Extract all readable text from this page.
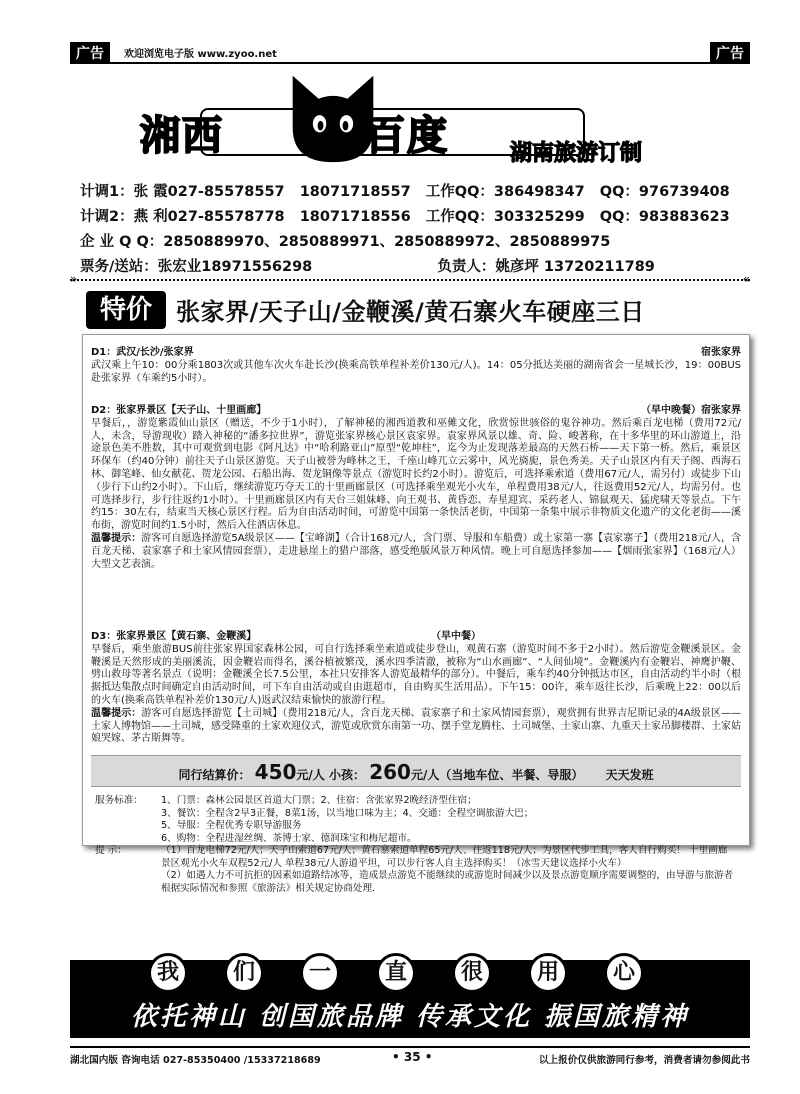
广告	欢迎浏览电子版 www.zyoo.net	广告
湘西	百度	湖南旅游订制
计调1：张 霞027-85578557 18071718557 工作QQ：386498347 QQ：976739408
计调2：燕 利027-85578778 18071718556 工作QQ：303325299 QQ：983883623
企 业 Q Q：2850889970、2850889971、2850889972、2850889975
票务/送站：张宏业18971556298	负责人：姚彦坪 13720211789
» «
特价	张家界/天子山/金鞭溪/黄石寨火车硬座三日
D1：武汉/长沙/张家界	宿张家界
武汉乘上午10：00分乘1803次或其他车次火车赴长沙(换乘高铁单程补差价130元/人)。14：05分抵达美丽的湖南省会一星城长沙，19：00BUS赴张家界（车乘约5小时）。
D2：张家界景区【天子山、十里画廊】	（早中晚餐）宿张家界
早餐后，，游览紫霞仙山景区（赠送，不少于1小时），了解神秘的湘西道教和巫傩文化，欣赏惊世骇俗的鬼谷神功。然后乘百龙电梯（费用72元/人，未含，导游现收）踏入神秘的“潘多拉世界”，游览张家界核心景区袁家界。袁家界风景以雄、奇、险、峻著称，在十多华里的环山游道上，沿途景色美不胜数，其中可观赏到电影《阿凡达》中“哈利路亚山”原型“乾坤柱”，迄今为止发现落差最高的天然石桥——天下第一桥。然后，乘景区环保车（约40分钟）前往天子山景区游览。天子山被誉为峰林之王，千座山峰兀立云雾中，风光旖旎，景色秀美。天子山景区内有天子阁、西海石林、御笔峰、仙女献花、贺龙公园、石船出海、贺龙铜像等景点（游览时长约2小时）。游览后，可选择乘索道（费用67元/人，需另付）或徒步下山（步行下山约2小时）。下山后，继续游览巧夺天工的十里画廊景区（可选择乘坐观光小火车，单程费用38元/人，往返费用52元/人，均需另付。也可选择步行，步行往返约1小时）。十里画廊景区内有天台三姐妹峰、向王观书、黄昏恋、寿星迎宾、采药老人、锦鼠观天、猛虎啸天等景点。下午约15：30左右，结束当天核心景区行程。后为自由活动时间，可游览中国第一条快活老街，中国第一条集中展示非物质文化遗产的文化老街——溪布街，游览时间约1.5小时，然后入住酒店休息。
温馨提示：游客可自愿选择游览5A级景区——【宝峰湖】（合计168元/人，含门票、导服和车船费）或土家第一寨【袁家寨子】（费用218元/人，含百龙天梯、袁家寨子和土家风情园套票），走进悬崖上的猎户部落，感受绝版风景万种风情。晚上可自愿选择参加——【烟雨张家界】（168元/人）大型文艺表演。
D3：张家界景区【黄石寨、金鞭溪】	（早中餐）
早餐后，乘坐旅游BUS前往张家界国家森林公园，可自行选择乘坐索道或徒步登山，观黄石寨（游览时间不多于2小时）。然后游览金鞭溪景区。金鞭溪是天然形成的美丽溪流，因金鞭岩而得名，溪谷植被繁茂，溪水四季清澈，被称为“山水画廊”、“人间仙境”。金鞭溪内有金鞭岩、神鹰护鞭、劈山救母等著名景点（说明：金鞭溪全长7.5公里，本社只安排客人游览最精华的部分）。中餐后，乘车约40分钟抵达市区，自由活动约半小时（根据抵达集散点时间确定自由活动时间，可下车自由活动或自由逛超市，自由购买生活用品）。下午15：00许，乘车返往长沙，后乘晚上22：00以后的火车(换乘高铁单程补差价130元/人)返武汉结束愉快的旅游行程。
温馨提示：游客可自愿选择游览【土司城】（费用218元/人，含百龙天梯、袁家寨子和土家风情园套票），观赏拥有世界吉尼斯记录的4A级景区——土家人博物馆——土司城，感受隆重的土家欢迎仪式，游览或欣赏东南第一功、摆手堂龙腾柱、土司城堡、土家山寨、九重天土家吊脚楼群、土家姑娘哭嫁、茅古斯舞等。
同行结算价： 450元/人 小孩： 260元/人（当地车位、半餐、导服） 天天发班
服务标准：	1、门票：森林公园景区首道大门票；2、住宿：含张家界2晚经济型住宿；
3、餐饮：全程含2早3正餐，8菜1汤，以当地口味为主；4、交通：全程空调旅游大巴；
5、导服：全程优秀专职导游服务
6、购物：全程进湿丝绸、茶博士家、德润珠宝和梅尼超市。
提 示：	（1）百龙电梯72元/人；天子山索道67元/人；黄石寨索道单程65元/人、往返118元/人；为景区代步工具，客人自行购买！ 十里画廊景区观光小火车双程52元/人 单程38元/人游道平坦，可以步行客人自主选择购买！（冰雪天建议选择小火车）
（2）如遇人力不可抗拒的因素如道路结冰等，造成景点游览不能继续的或游览时间减少以及景点游览顺序需要调整的，由导游与旅游者根据实际情况和参照《旅游法》相关规定协商处理.
我	们	一	直	很	用	心
依托神山 创国旅品牌 传承文化 振国旅精神
湖北国内版 咨询电话 027-85350400 /15337218689	• 35 •	以上报价仅供旅游同行参考，消费者请勿参阅此书
